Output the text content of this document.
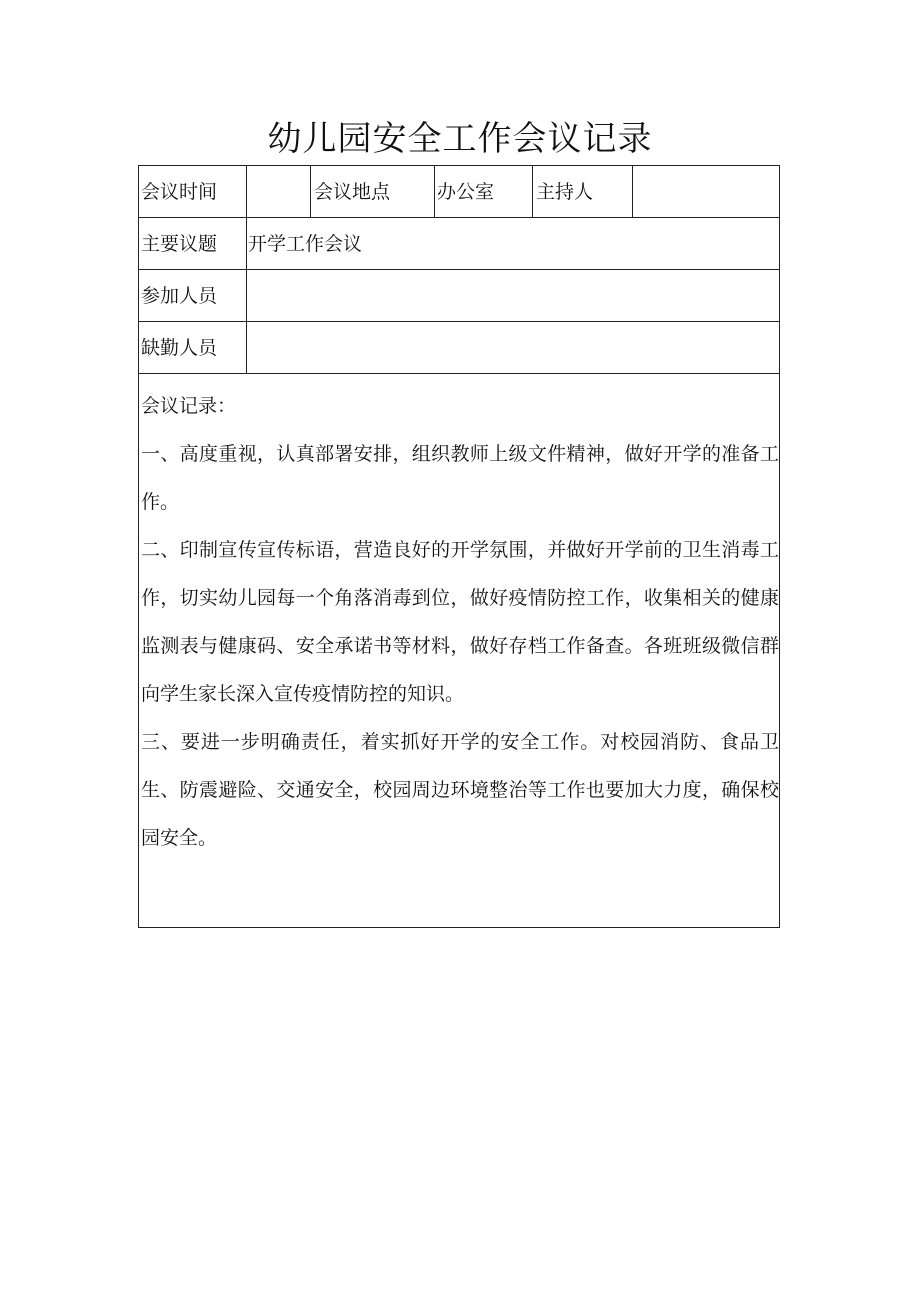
幼儿园安全工作会议记录
会议时间	会议地点 办公室 主持人
主要议题 开学工作会议
参加人员
缺勤人员

会议记录：

一、高度重视，认真部署安排，组织教师上级文件精神，做好开学的准备工作。

二、印制宣传宣传标语，营造良好的开学氛围，并做好开学前的卫生消毒工作，切实幼儿园每一个角落消毒到位，做好疫情防控工作，收集相关的健康监测表与健康码、安全承诺书等材料，做好存档工作备查。各班班级微信群向学生家长深入宣传疫情防控的知识。

三、要进一步明确责任，着实抓好开学的安全工作。对校园消防、食品卫生、防震避险、交通安全，校园周边环境整治等工作也要加大力度，确保校园安全。
